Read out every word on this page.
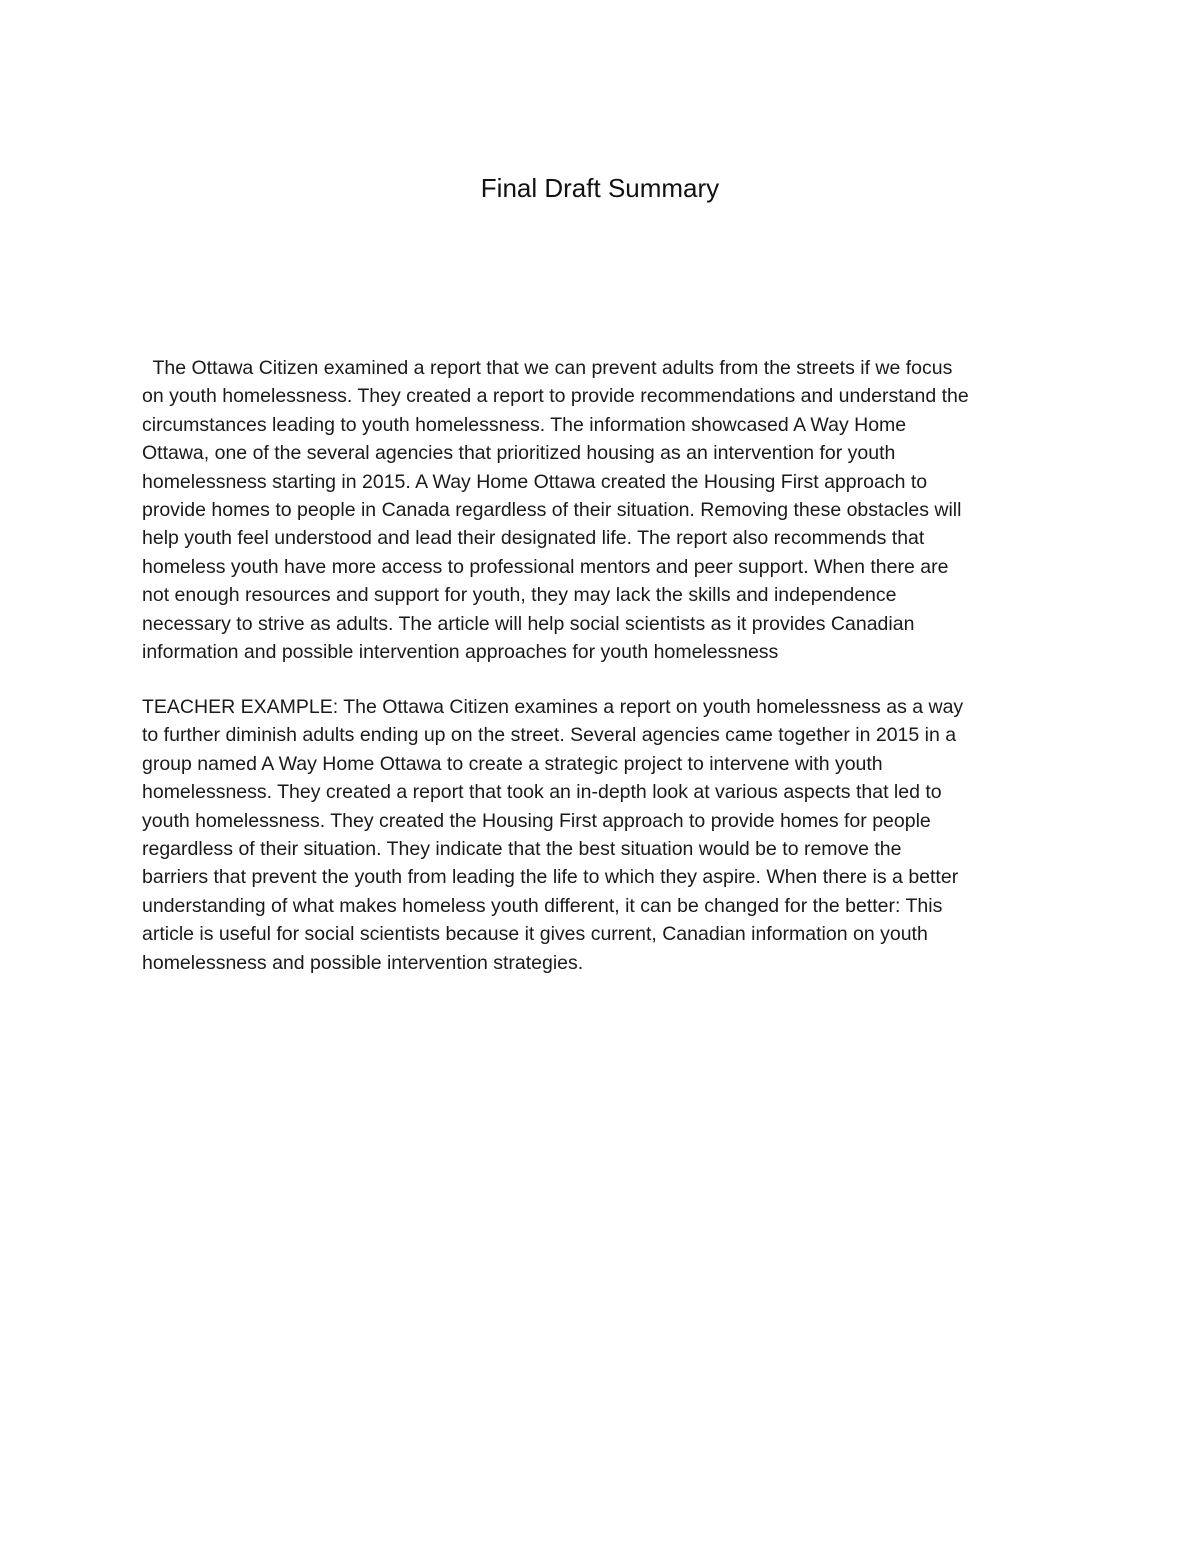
Final Draft Summary

The Ottawa Citizen examined a report that we can prevent adults from the streets if we focus
on youth homelessness. They created a report to provide recommendations and understand the
circumstances leading to youth homelessness. The information showcased A Way Home
Ottawa, one of the several agencies that prioritized housing as an intervention for youth
homelessness starting in 2015. A Way Home Ottawa created the Housing First approach to
provide homes to people in Canada regardless of their situation. Removing these obstacles will
help youth feel understood and lead their designated life. The report also recommends that
homeless youth have more access to professional mentors and peer support. When there are
not enough resources and support for youth, they may lack the skills and independence
necessary to strive as adults. The article will help social scientists as it provides Canadian
information and possible intervention approaches for youth homelessness

TEACHER EXAMPLE: The Ottawa Citizen examines a report on youth homelessness as a way
to further diminish adults ending up on the street. Several agencies came together in 2015 in a
group named A Way Home Ottawa to create a strategic project to intervene with youth
homelessness. They created a report that took an in-depth look at various aspects that led to
youth homelessness. They created the Housing First approach to provide homes for people
regardless of their situation. They indicate that the best situation would be to remove the
barriers that prevent the youth from leading the life to which they aspire. When there is a better
understanding of what makes homeless youth different, it can be changed for the better: This
article is useful for social scientists because it gives current, Canadian information on youth
homelessness and possible intervention strategies.
